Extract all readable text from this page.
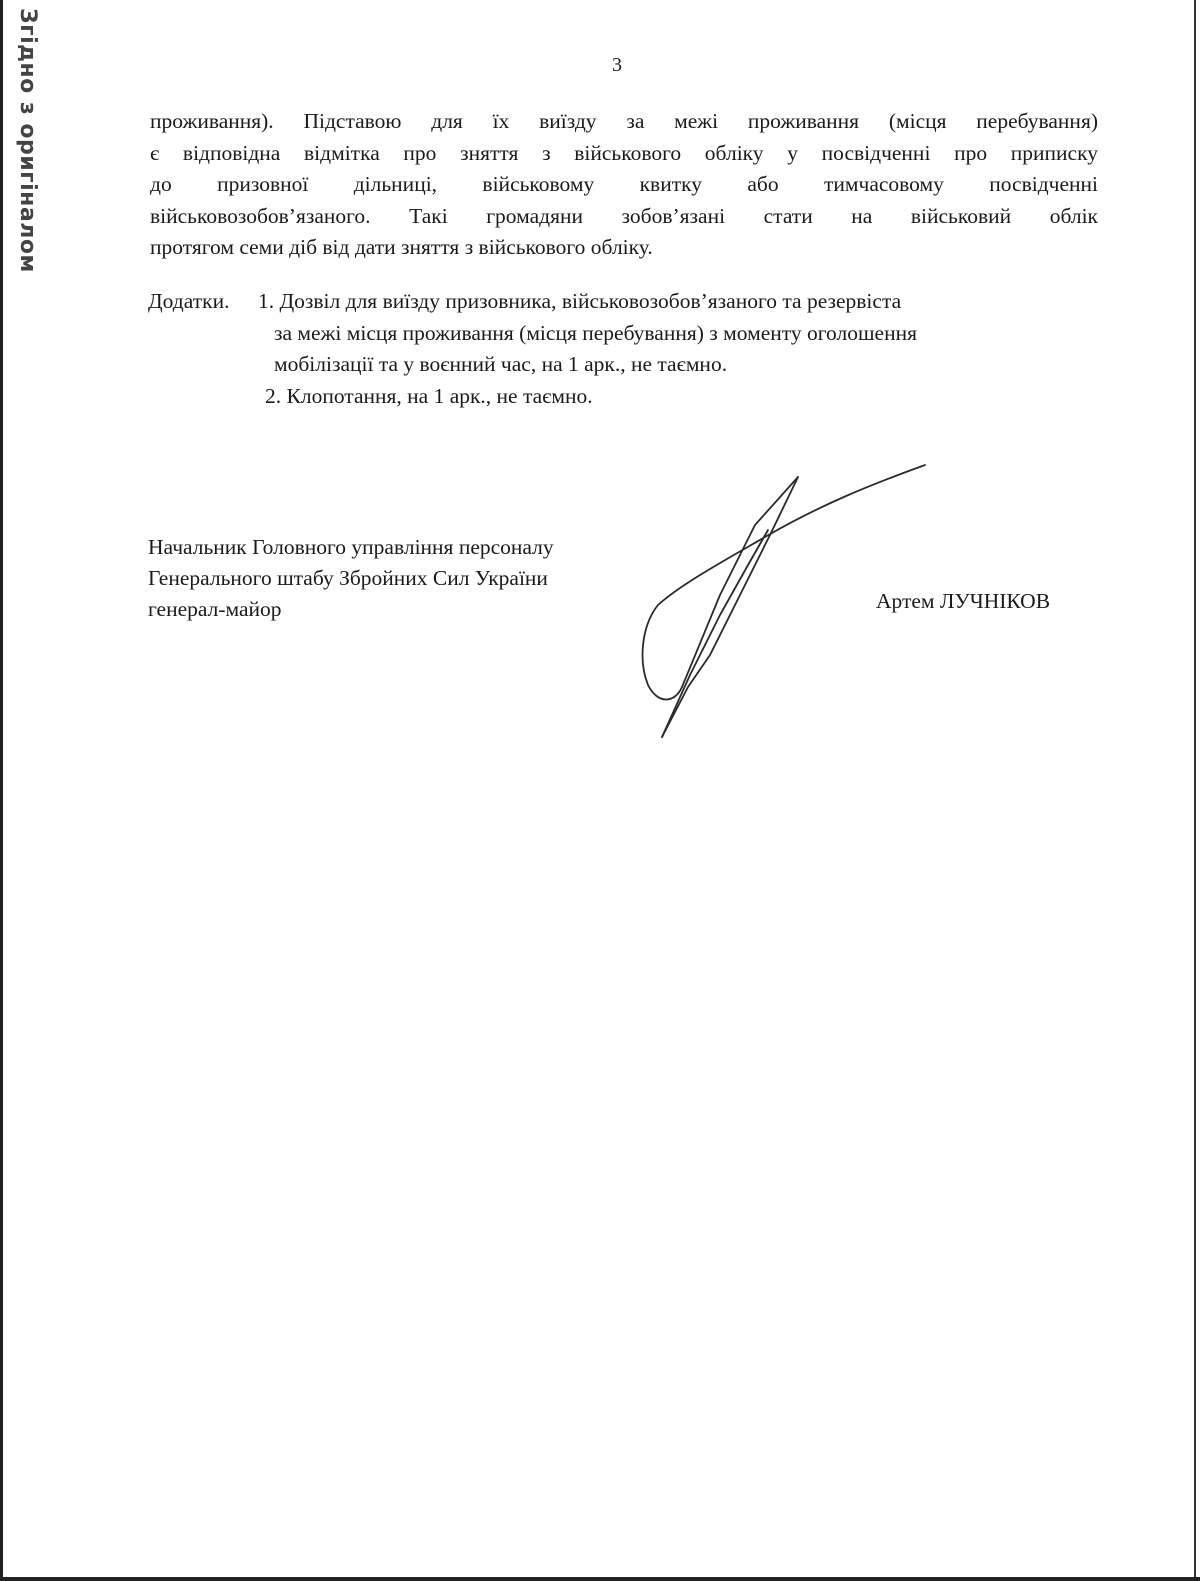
Згідно з оригіналом	3
проживання). Підставою для їх виїзду за межі проживання (місця перебування)
є відповідна відмітка про зняття з військового обліку у посвідченні про приписку
до призовної дільниці, військовому квитку або тимчасовому посвідченні
військовозобов’язаного. Такі громадяни зобов’язані стати на військовий облік
протягом семи діб від дати зняття з військового обліку.
Додатки. 1. Дозвіл для виїзду призовника, військовозобов’язаного та резервіста
за межі місця проживання (місця перебування) з моменту оголошення
мобілізації та у воєнний час, на 1 арк., не таємно.
2. Клопотання, на 1 арк., не таємно.
Начальник Головного управління персоналу
Генерального штабу Збройних Сил України
генерал-майор	Артем ЛУЧНІКОВ
